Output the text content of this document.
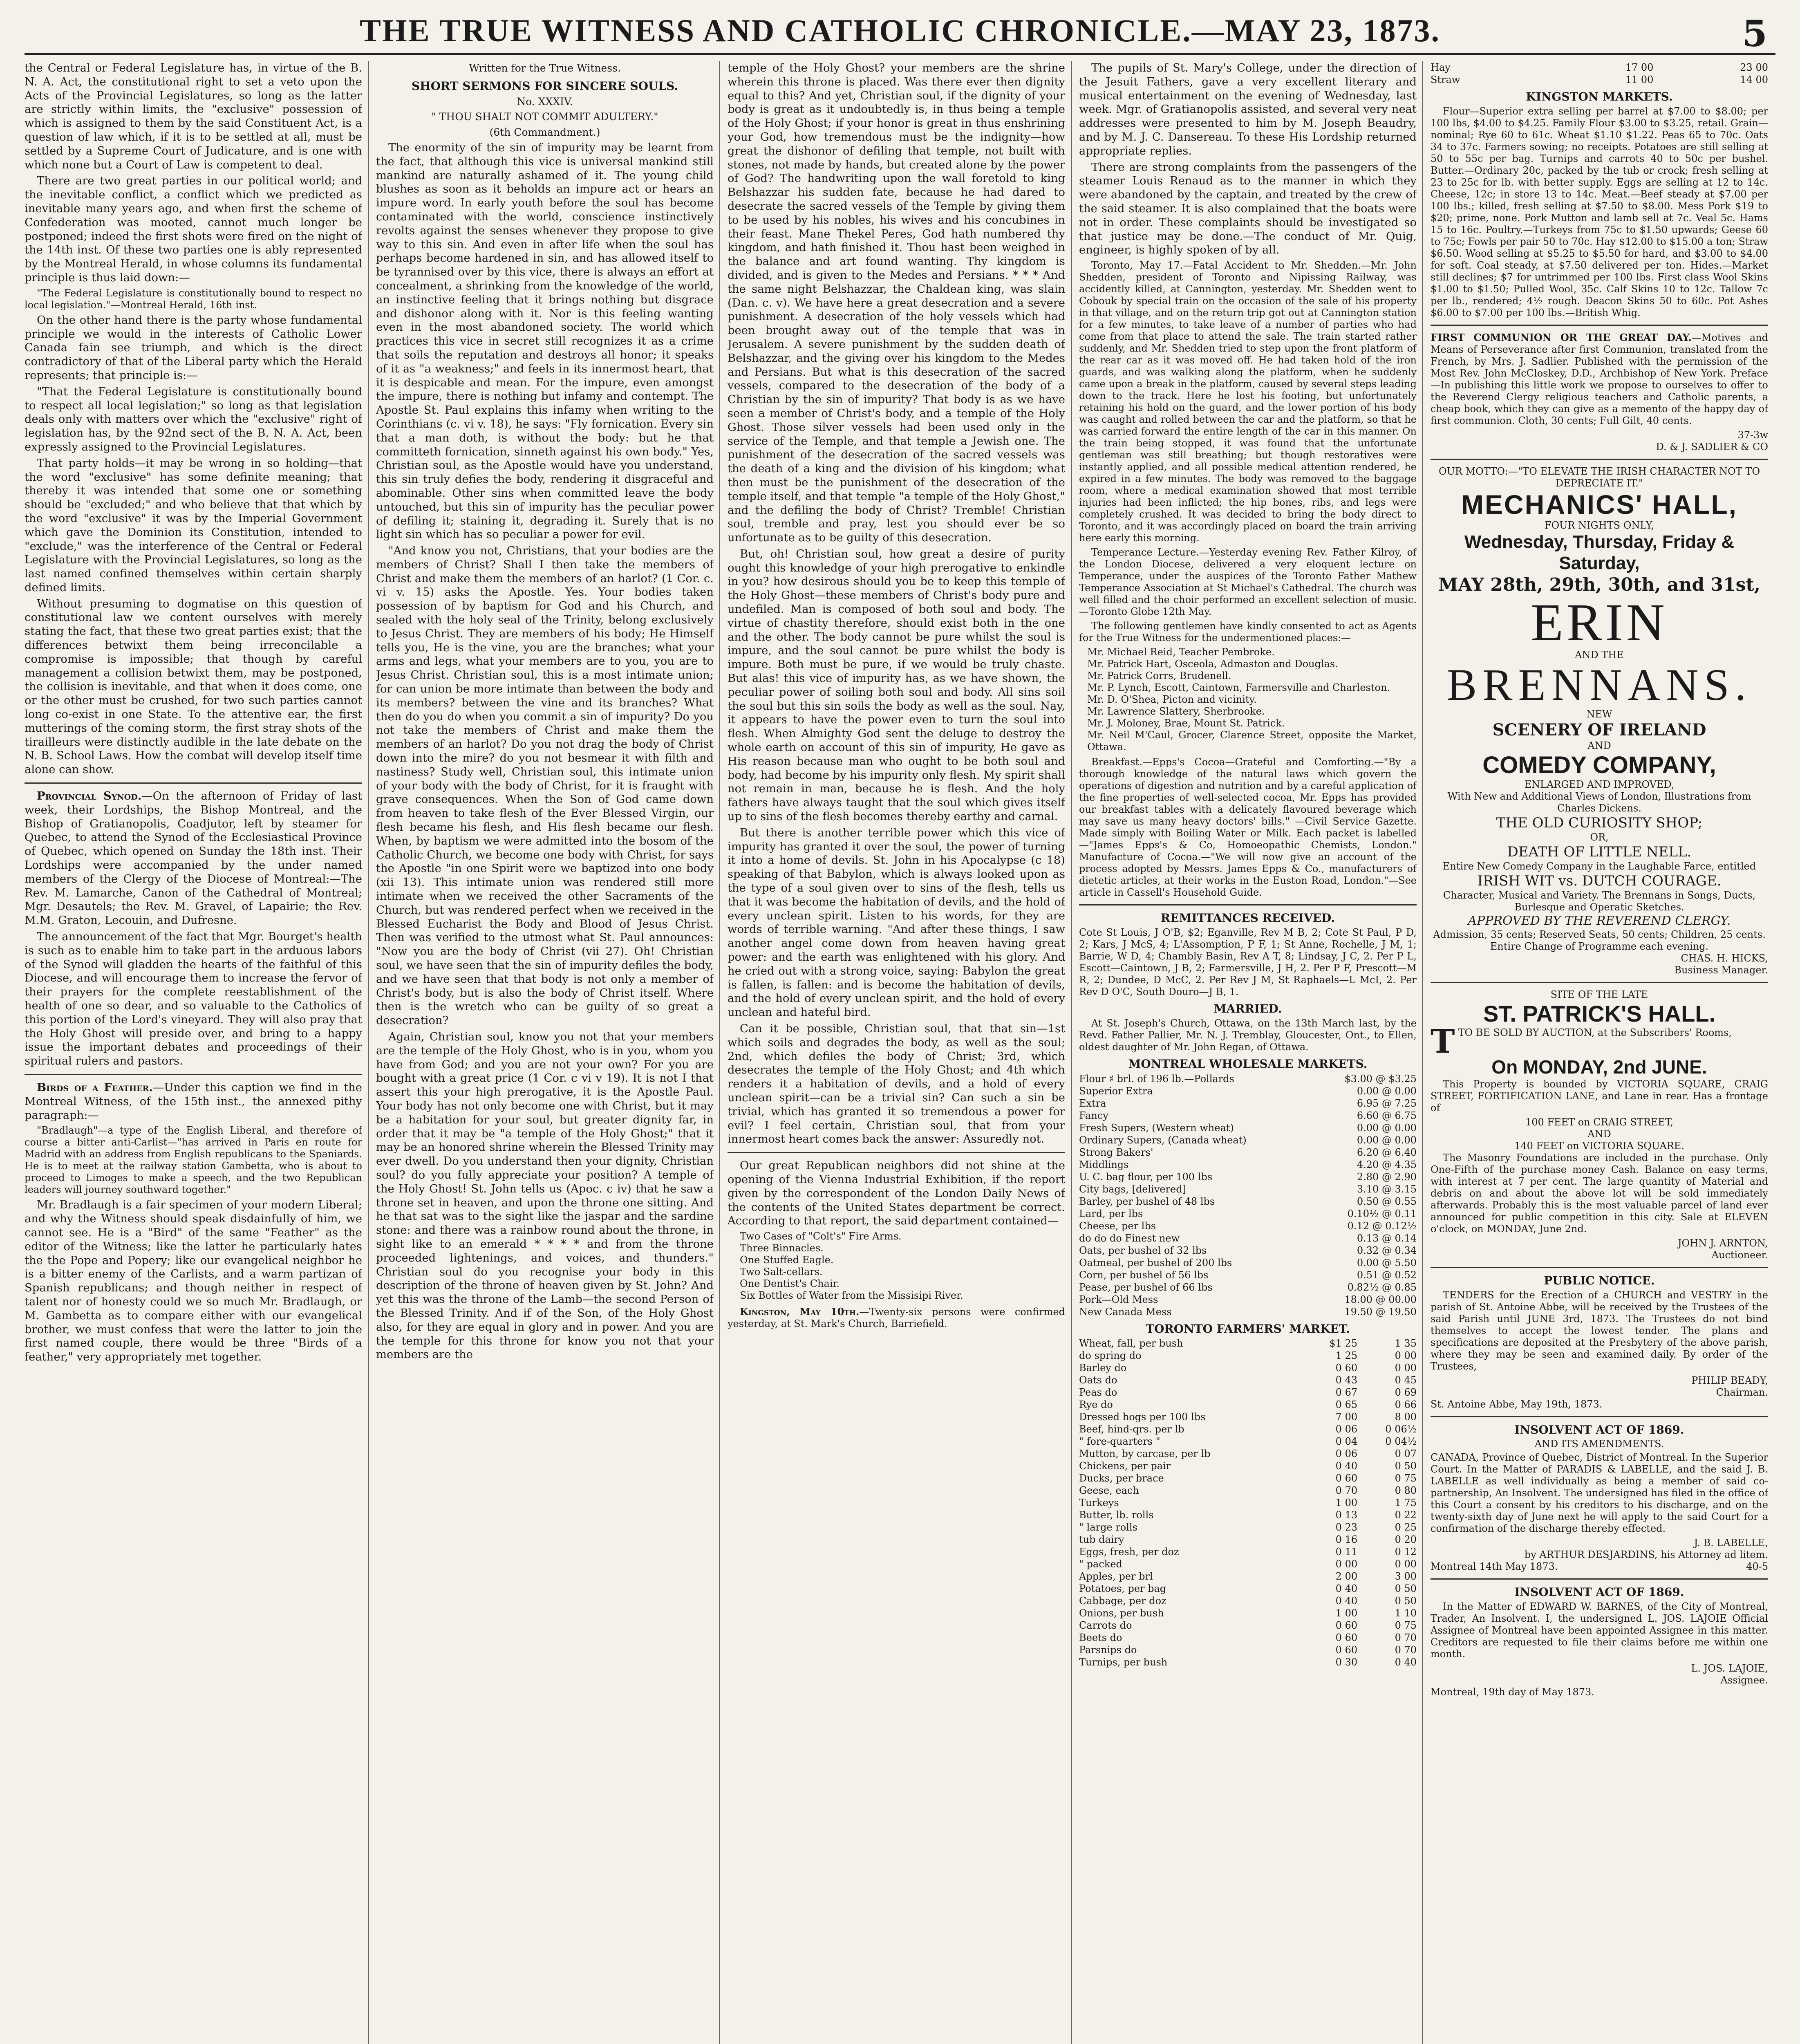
THE TRUE WITNESS AND CATHOLIC CHRONICLE.—MAY 23, 1873.	5

the Central or Federal Legislature has, in virtue of the B. N. A. Act, the constitutional right to set a veto upon the Acts of the Provincial Legislatures, so long as the latter are strictly within limits, the "exclusive" possession of which is assigned to them by the said Constituent Act, is a question of law which, if it is to be settled at all, must be settled by a Supreme Court of Judicature, and is one with which none but a Court of Law is competent to deal.

There are two great parties in our political world; and the inevitable conflict, a conflict which we predicted as inevitable many years ago, and when first the scheme of Confederation was mooted, cannot much longer be postponed; indeed the first shots were fired on the night of the 14th inst. Of these two parties one is ably represented by the Montreal Herald, in whose columns its fundamental principle is thus laid down:—

"The Federal Legislature is constitutionally bound to respect no local legislation."—Montreal Herald, 16th inst.

On the other hand there is the party whose fundamental principle we would in the interests of Catholic Lower Canada fain see triumph, and which is the direct contradictory of that of the Liberal party which the Herald represents; that principle is:—

"That the Federal Legislature is constitutionally bound to respect all local legislation;" so long as that legislation deals only with matters over which the "exclusive" right of legislation has, by the 92nd sect of the B. N. A. Act, been expressly assigned to the Provincial Legislatures.

That party holds—it may be wrong in so holding—that the word "exclusive" has some definite meaning; that thereby it was intended that some one or something should be "excluded;" and who believe that that which by the word "exclusive" it was by the Imperial Government which gave the Dominion its Constitution, intended to "exclude," was the interference of the Central or Federal Legislature with the Provincial Legislatures, so long as the last named confined themselves within certain sharply defined limits.

Without presuming to dogmatise on this question of constitutional law we content ourselves with merely stating the fact, that these two great parties exist; that the differences betwixt them being irreconcilable a compromise is impossible; that though by careful management a collision betwixt them, may be postponed, the collision is inevitable, and that when it does come, one or the other must be crushed, for two such parties cannot long co-exist in one State. To the attentive ear, the first mutterings of the coming storm, the first stray shots of the tirailleurs were distinctly audible in the late debate on the N. B. School Laws. How the combat will develop itself time alone can show.

Provincial Synod.—On the afternoon of Friday of last week, their Lordships, the Bishop Montreal, and the Bishop of Gratianopolis, Coadjutor, left by steamer for Quebec, to attend the Synod of the Ecclesiastical Province of Quebec, which opened on Sunday the 18th inst. Their Lordships were accompanied by the under named members of the Clergy of the Diocese of Montreal:—The Rev. M. Lamarche, Canon of the Cathedral of Montreal; Mgr. Desautels; the Rev. M. Gravel, of Lapairie; the Rev. M.M. Graton, Lecouin, and Dufresne.

The announcement of the fact that Mgr. Bourget's health is such as to enable him to take part in the arduous labors of the Synod will gladden the hearts of the faithful of this Diocese, and will encourage them to increase the fervor of their prayers for the complete reestablishment of the health of one so dear, and so valuable to the Catholics of this portion of the Lord's vineyard. They will also pray that the Holy Ghost will preside over, and bring to a happy issue the important debates and proceedings of their spiritual rulers and pastors.

Birds of a Feather.—Under this caption we find in the Montreal Witness, of the 15th inst., the annexed pithy paragraph:—

"Bradlaugh"—a type of the English Liberal, and therefore of course a bitter anti-Carlist—"has arrived in Paris en route for Madrid with an address from English republicans to the Spaniards. He is to meet at the railway station Gambetta, who is about to proceed to Limoges to make a speech, and the two Republican leaders will journey southward together."

Mr. Bradlaugh is a fair specimen of your modern Liberal; and why the Witness should speak disdainfully of him, we cannot see. He is a "Bird" of the same "Feather" as the editor of the Witness; like the latter he particularly hates the the Pope and Popery; like our evangelical neighbor he is a bitter enemy of the Carlists, and a warm partizan of Spanish republicans; and though neither in respect of talent nor of honesty could we so much Mr. Bradlaugh, or M. Gambetta as to compare either with our evangelical brother, we must confess that were the latter to join the first named couple, there would be three "Birds of a feather," very appropriately met together.

Written for the True Witness.
SHORT SERMONS FOR SINCERE SOULS.
No. XXXIV.
" THOU SHALT NOT COMMIT ADULTERY."
(6th Commandment.)

The enormity of the sin of impurity may be learnt from the fact, that although this vice is universal mankind still mankind are naturally ashamed of it. The young child blushes as soon as it beholds an impure act or hears an impure word. In early youth before the soul has become contaminated with the world, conscience instinctively revolts against the senses whenever they propose to give way to this sin. And even in after life when the soul has perhaps become hardened in sin, and has allowed itself to be tyrannised over by this vice, there is always an effort at concealment, a shrinking from the knowledge of the world, an instinctive feeling that it brings nothing but disgrace and dishonor along with it. Nor is this feeling wanting even in the most abandoned society. The world which practices this vice in secret still recognizes it as a crime that soils the reputation and destroys all honor; it speaks of it as "a weakness;" and feels in its innermost heart, that it is despicable and mean. For the impure, even amongst the impure, there is nothing but infamy and contempt. The Apostle St. Paul explains this infamy when writing to the Corinthians (c. vi v. 18), he says: "Fly fornication. Every sin that a man doth, is without the body: but he that committeth fornication, sinneth against his own body." Yes, Christian soul, as the Apostle would have you understand, this sin truly defies the body, rendering it disgraceful and abominable. Other sins when committed leave the body untouched, but this sin of impurity has the peculiar power of defiling it; staining it, degrading it. Surely that is no light sin which has so peculiar a power for evil.

"And know you not, Christians, that your bodies are the members of Christ? Shall I then take the members of Christ and make them the members of an harlot? (1 Cor. c. vi v. 15) asks the Apostle. Yes. Your bodies taken possession of by baptism for God and his Church, and sealed with the holy seal of the Trinity, belong exclusively to Jesus Christ. They are members of his body; He Himself tells you, He is the vine, you are the branches; what your arms and legs, what your members are to you, you are to Jesus Christ. Christian soul, this is a most intimate union; for can union be more intimate than between the body and its members? between the vine and its branches? What then do you do when you commit a sin of impurity? Do you not take the members of Christ and make them the members of an harlot? Do you not drag the body of Christ down into the mire? do you not besmear it with filth and nastiness? Study well, Christian soul, this intimate union of your body with the body of Christ, for it is fraught with grave consequences. When the Son of God came down from heaven to take flesh of the Ever Blessed Virgin, our flesh became his flesh, and His flesh became our flesh. When, by baptism we were admitted into the bosom of the Catholic Church, we become one body with Christ, for says the Apostle "in one Spirit were we baptized into one body (xii 13). This intimate union was rendered still more intimate when we received the other Sacraments of the Church, but was rendered perfect when we received in the Blessed Eucharist the Body and Blood of Jesus Christ. Then was verified to the utmost what St. Paul announces: "Now you are the body of Christ (vii 27). Oh! Christian soul, we have seen that the sin of impurity defiles the body, and we have seen that that body is not only a member of Christ's body, but is also the body of Christ itself. Where then is the wretch who can be guilty of so great a desecration?

Again, Christian soul, know you not that your members are the temple of the Holy Ghost, who is in you, whom you have from God; and you are not your own? For you are bought with a great price (1 Cor. c vi v 19). It is not I that assert this your high prerogative, it is the Apostle Paul. Your body has not only become one with Christ, but it may be a habitation for your soul, but greater dignity far, in order that it may be "a temple of the Holy Ghost;" that it may be an honored shrine wherein the Blessed Trinity may ever dwell. Do you understand then your dignity, Christian soul? do you fully appreciate your position? A temple of the Holy Ghost! St. John tells us (Apoc. c iv) that he saw a throne set in heaven, and upon the throne one sitting. And he that sat was to the sight like the jaspar and the sardine stone: and there was a rainbow round about the throne, in sight like to an emerald * * * * and from the throne proceeded lightenings, and voices, and thunders." Christian soul do you recognise your body in this description of the throne of heaven given by St. John? And yet this was the throne of the Lamb—the second Person of the Blessed Trinity. And if of the Son, of the Holy Ghost also, for they are equal in glory and in power. And you are the temple for this throne for know you not that your members are the

temple of the Holy Ghost? your members are the shrine wherein this throne is placed. Was there ever then dignity equal to this? And yet, Christian soul, if the dignity of your body is great as it undoubtedly is, in thus being a temple of the Holy Ghost; if your honor is great in thus enshrining your God, how tremendous must be the indignity—how great the dishonor of defiling that temple, not built with stones, not made by hands, but created alone by the power of God? The handwriting upon the wall foretold to king Belshazzar his sudden fate, because he had dared to desecrate the sacred vessels of the Temple by giving them to be used by his nobles, his wives and his concubines in their feast. Mane Thekel Peres, God hath numbered thy kingdom, and hath finished it. Thou hast been weighed in the balance and art found wanting. Thy kingdom is divided, and is given to the Medes and Persians. * * * And the same night Belshazzar, the Chaldean king, was slain (Dan. c. v). We have here a great desecration and a severe punishment. A desecration of the holy vessels which had been brought away out of the temple that was in Jerusalem. A severe punishment by the sudden death of Belshazzar, and the giving over his kingdom to the Medes and Persians. But what is this desecration of the sacred vessels, compared to the desecration of the body of a Christian by the sin of impurity? That body is as we have seen a member of Christ's body, and a temple of the Holy Ghost. Those silver vessels had been used only in the service of the Temple, and that temple a Jewish one. The punishment of the desecration of the sacred vessels was the death of a king and the division of his kingdom; what then must be the punishment of the desecration of the temple itself, and that temple "a temple of the Holy Ghost," and the defiling the body of Christ? Tremble! Christian soul, tremble and pray, lest you should ever be so unfortunate as to be guilty of this desecration.

But, oh! Christian soul, how great a desire of purity ought this knowledge of your high prerogative to enkindle in you? how desirous should you be to keep this temple of the Holy Ghost—these members of Christ's body pure and undefiled. Man is composed of both soul and body. The virtue of chastity therefore, should exist both in the one and the other. The body cannot be pure whilst the soul is impure, and the soul cannot be pure whilst the body is impure. Both must be pure, if we would be truly chaste. But alas! this vice of impurity has, as we have shown, the peculiar power of soiling both soul and body. All sins soil the soul but this sin soils the body as well as the soul. Nay, it appears to have the power even to turn the soul into flesh. When Almighty God sent the deluge to destroy the whole earth on account of this sin of impurity, He gave as His reason because man who ought to be both soul and body, had become by his impurity only flesh. My spirit shall not remain in man, because he is flesh. And the holy fathers have always taught that the soul which gives itself up to sins of the flesh becomes thereby earthy and carnal.

But there is another terrible power which this vice of impurity has granted it over the soul, the power of turning it into a home of devils. St. John in his Apocalypse (c 18) speaking of that Babylon, which is always looked upon as the type of a soul given over to sins of the flesh, tells us that it was become the habitation of devils, and the hold of every unclean spirit. Listen to his words, for they are words of terrible warning. "And after these things, I saw another angel come down from heaven having great power: and the earth was enlightened with his glory. And he cried out with a strong voice, saying: Babylon the great is fallen, is fallen: and is become the habitation of devils, and the hold of every unclean spirit, and the hold of every unclean and hateful bird.

Can it be possible, Christian soul, that that sin—1st which soils and degrades the body, as well as the soul; 2nd, which defiles the body of Christ; 3rd, which desecrates the temple of the Holy Ghost; and 4th which renders it a habitation of devils, and a hold of every unclean spirit—can be a trivial sin? Can such a sin be trivial, which has granted it so tremendous a power for evil? I feel certain, Christian soul, that from your innermost heart comes back the answer: Assuredly not.

Our great Republican neighbors did not shine at the opening of the Vienna Industrial Exhibition, if the report given by the correspondent of the London Daily News of the contents of the United States department be correct. According to that report, the said department contained—

Two Cases of "Colt's" Fire Arms.
Three Binnacles.
One Stuffed Eagle.
Two Salt-cellars.
One Dentist's Chair.
Six Bottles of Water from the Missisipi River.

Kingston, May 10th.—Twenty-six persons were confirmed yesterday, at St. Mark's Church, Barriefield.

The pupils of St. Mary's College, under the direction of the Jesuit Fathers, gave a very excellent literary and musical entertainment on the evening of Wednesday, last week. Mgr. of Gratianopolis assisted, and several very neat addresses were presented to him by M. Joseph Beaudry, and by M. J. C. Dansereau. To these His Lordship returned appropriate replies.

There are strong complaints from the passengers of the steamer Louis Renaud as to the manner in which they were abandoned by the captain, and treated by the crew of the said steamer. It is also complained that the boats were not in order. These complaints should be investigated so that justice may be done.—The conduct of Mr. Quig, engineer, is highly spoken of by all.

Toronto, May 17.—Fatal Accident to Mr. Shedden.—Mr. John Shedden, president of Toronto and Nipissing Railway, was accidently killed, at Cannington, yesterday. Mr. Shedden went to Cobouk by special train on the occasion of the sale of his property in that village, and on the return trip got out at Cannington station for a few minutes, to take leave of a number of parties who had come from that place to attend the sale. The train started rather suddenly, and Mr. Shedden tried to step upon the front platform of the rear car as it was moved off. He had taken hold of the iron guards, and was walking along the platform, when he suddenly came upon a break in the platform, caused by several steps leading down to the track. Here he lost his footing, but unfortunately retaining his hold on the guard, and the lower portion of his body was caught and rolled between the car and the platform, so that he was carried forward the entire length of the car in this manner. On the train being stopped, it was found that the unfortunate gentleman was still breathing; but though restoratives were instantly applied, and all possible medical attention rendered, he expired in a few minutes. The body was removed to the baggage room, where a medical examination showed that most terrible injuries had been inflicted; the hip bones, ribs, and legs were completely crushed. It was decided to bring the body direct to Toronto, and it was accordingly placed on board the train arriving here early this morning.

Temperance Lecture.—Yesterday evening Rev. Father Kilroy, of the London Diocese, delivered a very eloquent lecture on Temperance, under the auspices of the Toronto Father Mathew Temperance Association at St Michael's Cathedral. The church was well filled and the choir performed an excellent selection of music.—Toronto Globe 12th May.

The following gentlemen have kindly consented to act as Agents for the True Witness for the undermentioned places:—

Mr. Michael Reid, Teacher Pembroke.
Mr. Patrick Hart, Osceola, Admaston and Douglas.
Mr. Patrick Corrs, Brudenell.
Mr. P. Lynch, Escott, Caintown, Farmersville and Charleston.
Mr. D. O'Shea, Picton and vicinity.
Mr. Lawrence Slattery, Sherbrooke.
Mr. J. Moloney, Brae, Mount St. Patrick.
Mr. Neil M'Caul, Grocer, Clarence Street, opposite the Market, Ottawa.

Breakfast.—Epps's Cocoa—Grateful and Comforting.—"By a thorough knowledge of the natural laws which govern the operations of digestion and nutrition and by a careful application of the fine properties of well-selected cocoa, Mr. Epps has provided our breakfast tables with a delicately flavoured beverage which may save us many heavy doctors' bills." —Civil Service Gazette. Made simply with Boiling Water or Milk. Each packet is labelled—"James Epps's & Co, Homoeopathic Chemists, London." Manufacture of Cocoa.—"We will now give an account of the process adopted by Messrs. James Epps & Co., manufacturers of dietetic articles, at their works in the Euston Road, London."—See article in Cassell's Household Guide.

REMITTANCES RECEIVED.

Cote St Louis, J O'B, $2; Eganville, Rev M B, 2; Cote St Paul, P D, 2; Kars, J McS, 4; L'Assomption, P F, 1; St Anne, Rochelle, J M, 1; Barrie, W D, 4; Chambly Basin, Rev A T, 8; Lindsay, J C, 2. Per P L, Escott—Caintown, J B, 2; Farmersville, J H, 2. Per P F, Prescott—M R, 2; Dundee, D McC, 2. Per Rev J M, St Raphaels—L McI, 2. Per Rev D O'C, South Douro—J B, 1.

MARRIED.

At St. Joseph's Church, Ottawa, on the 13th March last, by the Revd. Father Pallier, Mr. N. J. Tremblay, Gloucester, Ont., to Ellen, oldest daughter of Mr. John Regan, of Ottawa.

MONTREAL WHOLESALE MARKETS.
Flour ♯ brl. of 196 lb.—Pollards	$3.00 @ $3.25
Superior Extra	0.00 @ 0.00
Extra	6.95 @ 7.25
Fancy	6.60 @ 6.75
Fresh Supers, (Western wheat)	0.00 @ 0.00
Ordinary Supers, (Canada wheat)	0.00 @ 0.00
Strong Bakers'	6.20 @ 6.40
Middlings	4.20 @ 4.35
U. C. bag flour, per 100 lbs	2.80 @ 2.90
City bags, [delivered]	3.10 @ 3.15
Barley, per bushel of 48 lbs	0.50 @ 0.55
Lard, per lbs	0.10½ @ 0.11
Cheese, per lbs	0.12 @ 0.12½
do do do Finest new	0.13 @ 0.14
Oats, per bushel of 32 lbs	0.32 @ 0.34
Oatmeal, per bushel of 200 lbs	0.00 @ 5.50
Corn, per bushel of 56 lbs	0.51 @ 0.52
Pease, per bushel of 66 lbs	0.82½ @ 0.85
Pork—Old Mess	18.00 @ 00.00
New Canada Mess	19.50 @ 19.50
TORONTO FARMERS' MARKET.
Wheat, fall, per bush	$1 25	1 35
do spring do	1 25	0 00
Barley do	0 60	0 00
Oats do	0 43	0 45
Peas do	0 67	0 69
Rye do	0 65	0 66
Dressed hogs per 100 lbs	7 00	8 00
Beef, hind-qrs. per lb	0 06	0 06½
" fore-quarters "	0 04	0 04½
Mutton, by carcase, per lb	0 06	0 07
Chickens, per pair	0 40	0 50
Ducks, per brace	0 60	0 75
Geese, each	0 70	0 80
Turkeys	1 00	1 75
Butter, lb. rolls	0 13	0 22
" large rolls	0 23	0 25
tub dairy	0 16	0 20
Eggs, fresh, per doz	0 11	0 12
" packed	0 00	0 00
Apples, per brl	2 00	3 00
Potatoes, per bag	0 40	0 50
Cabbage, per doz	0 40	0 50
Onions, per bush	1 00	1 10
Carrots do	0 60	0 75
Beets do	0 60	0 70
Parsnips do	0 60	0 70
Turnips, per bush	0 30	0 40
Hay	17 00	23 00
Straw	11 00	14 00
KINGSTON MARKETS.

Flour—Superior extra selling per barrel at $7.00 to $8.00; per 100 lbs, $4.00 to $4.25. Family Flour $3.00 to $3.25, retail. Grain—nominal; Rye 60 to 61c. Wheat $1.10 $1.22. Peas 65 to 70c. Oats 34 to 37c. Farmers sowing; no receipts. Potatoes are still selling at 50 to 55c per bag. Turnips and carrots 40 to 50c per bushel. Butter.—Ordinary 20c, packed by the tub or crock; fresh selling at 23 to 25c for lb. with better supply. Eggs are selling at 12 to 14c. Cheese, 12c; in store 13 to 14c. Meat.—Beef steady at $7.00 per 100 lbs.; killed, fresh selling at $7.50 to $8.00. Mess Pork $19 to $20; prime, none. Pork Mutton and lamb sell at 7c. Veal 5c. Hams 15 to 16c. Poultry.—Turkeys from 75c to $1.50 upwards; Geese 60 to 75c; Fowls per pair 50 to 70c. Hay $12.00 to $15.00 a ton; Straw $6.50. Wood selling at $5.25 to $5.50 for hard, and $3.00 to $4.00 for soft. Coal steady, at $7.50 delivered per ton. Hides.—Market still declines; $7 for untrimmed per 100 lbs. First class Wool Skins $1.00 to $1.50; Pulled Wool, 35c. Calf Skins 10 to 12c. Tallow 7c per lb., rendered; 4½ rough. Deacon Skins 50 to 60c. Pot Ashes $6.00 to $7.00 per 100 lbs.—British Whig.

FIRST COMMUNION OR THE GREAT DAY.—Motives and Means of Perseverance after first Communion, translated from the French, by Mrs. J. Sadlier. Published with the permission of the Most Rev. John McCloskey, D.D., Archbishop of New York. Preface—In publishing this little work we propose to ourselves to offer to the Reverend Clergy religious teachers and Catholic parents, a cheap book, which they can give as a memento of the happy day of first communion. Cloth, 30 cents; Full Gilt, 40 cents.

37-3w
D. & J. SADLIER & CO
OUR MOTTO:—"TO ELEVATE THE IRISH CHARACTER NOT TO DEPRECIATE IT."
MECHANICS' HALL,
FOUR NIGHTS ONLY,
Wednesday, Thursday, Friday & Saturday,
MAY 28th, 29th, 30th, and 31st,
ERIN
AND THE
BRENNANS.
NEW
SCENERY OF IRELAND
AND
COMEDY COMPANY,
ENLARGED AND IMPROVED,
With New and Additional Views of London, Illustrations from Charles Dickens.
THE OLD CURIOSITY SHOP;
OR,
DEATH OF LITTLE NELL.
Entire New Comedy Company in the Laughable Farce, entitled
IRISH WIT vs. DUTCH COURAGE.
Character, Musical and Variety. The Brennans in Songs, Ducts, Burlesque and Operatic Sketches.
APPROVED BY THE REVEREND CLERGY.
Admission, 35 cents; Reserved Seats, 50 cents; Children, 25 cents.
Entire Change of Programme each evening.
CHAS. H. HICKS,
Business Manager.
SITE OF THE LATE
ST. PATRICK'S HALL.

TTO BE SOLD BY AUCTION, at the Subscribers' Rooms,

On MONDAY, 2nd JUNE.

This Property is bounded by VICTORIA SQUARE, CRAIG STREET, FORTIFICATION LANE, and Lane in rear. Has a frontage of

100 FEET on CRAIG STREET,
AND
140 FEET on VICTORIA SQUARE.

The Masonry Foundations are included in the purchase. Only One-Fifth of the purchase money Cash. Balance on easy terms, with interest at 7 per cent. The large quantity of Material and debris on and about the above lot will be sold immediately afterwards. Probably this is the most valuable parcel of land ever announced for public competition in this city. Sale at ELEVEN o'clock, on MONDAY, June 2nd.

JOHN J. ARNTON,
Auctioneer.
PUBLIC NOTICE.

TENDERS for the Erection of a CHURCH and VESTRY in the parish of St. Antoine Abbe, will be received by the Trustees of the said Parish until JUNE 3rd, 1873. The Trustees do not bind themselves to accept the lowest tender. The plans and specifications are deposited at the Presbytery of the above parish, where they may be seen and examined daily. By order of the Trustees,

PHILIP BEADY,
Chairman.
St. Antoine Abbe, May 19th, 1873.
INSOLVENT ACT OF 1869.
AND ITS AMENDMENTS.

CANADA, Province of Quebec, District of Montreal. In the Superior Court. In the Matter of PARADIS & LABELLE, and the said J. B. LABELLE as well individually as being a member of said co-partnership, An Insolvent. The undersigned has filed in the office of this Court a consent by his creditors to his discharge, and on the twenty-sixth day of June next he will apply to the said Court for a confirmation of the discharge thereby effected.

J. B. LABELLE,
by ARTHUR DESJARDINS, his Attorney ad litem.
Montreal 14th May 1873.	40-5
INSOLVENT ACT OF 1869.

In the Matter of EDWARD W. BARNES, of the City of Montreal, Trader, An Insolvent. I, the undersigned L. JOS. LAJOIE Official Assignee of Montreal have been appointed Assignee in this matter. Creditors are requested to file their claims before me within one month.

L. JOS. LAJOIE,
Assignee.
Montreal, 19th day of May 1873.
